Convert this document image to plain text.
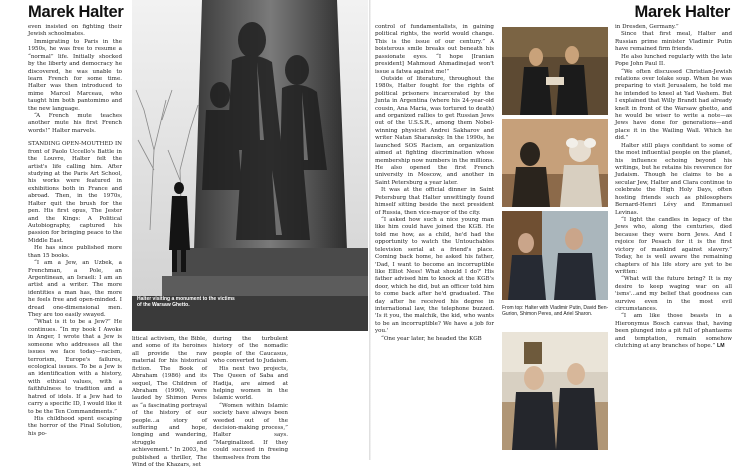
Marek Halter

even insisted on fighting their Jewish schoolmates.

Immigrating to Paris in the 1950s, he was free to resume a “normal” life. Initially shocked by the liberty and democracy he discovered, he was unable to learn French for some time. Halter was then introduced to mime Marcel Marceau, who taught him both pantomimo and the new language.

“A French mute teaches another mute his first French words!” Halter marvels.

STANDING OPEN-MOUTHED IN front of Paolo Uccello's Battle in the Louvre, Halter felt the artist's life calling him. After studying at the Paris Art School, his works were featured in exhibitions both in France and abroad. Then, in the 1970s, Halter quit the brush for the pen. His first opus, The Jester and the Kings: A Political Autobiography, captured his passion for bringing peace to the Middle East.

He has since published more than 15 books.

“I am a Jew, an Uzbek, a Frenchman, a Pole, an Argentinean, an Israeli: I am an artist and a writer. The more identities a man has, the more he feels free and open-minded. I dread one-dimensional men. They are too easily swayed.

“What is it to be a Jew?” He continues. “In my book I Awoke in Anger, I wrote that a Jew is someone who addresses all the issues we face today—racism, terrorism, Europe's failures, ecological issues. To be a Jew is an identification with a history, with ethical values, with a faithfulness to tradition and a hatred of idols. If a Jew had to carry a specific ID, I would like it to be the Ten Commandments.”

His childhood spent escaping the horror of the Final Solution, his po-

Halter visiting a monument to the victims of the Warsaw Ghetto.

litical activism, the Bible, and some of its heroines all provide the raw material for his historical fiction. The Book of Abraham (1986) and its sequel, The Children of Abraham (1990), were lauded by Shimon Peres as “a fascinating portrayal of the history of our people...a story of suffering and hope, longing and wandering, struggle and achievement.” In 2003, he published a thriller, The Wind of the Khazars, set

during the turbulent history of the nomadic people of the Caucasus, who converted to Judaism.

His next two projects, The Queen of Saba and Hadija, are aimed at helping women in the Islamic world.

“Women within Islamic society have always been weeded out of the decision-making process,” Halter says. “Marginalized. If they could succeed in freeing themselves from the

Marek Halter

control of fundamentalists, in gaining political rights, the world would change. This is the issue of our century.” A boisterous smile breaks out beneath his passionate eyes. “I hope [Iranian president] Mahmoud Ahmadinejad won't issue a fatwa against me!”

Outside of literature, throughout the 1980s, Halter fought for the rights of political prisoners incarcerated by the Junta in Argentina (where his 24-year-old cousin, Ana Maria, was tortured to death) and organized rallies to get Russian Jews out of the U.S.S.R., among them Nobel-winning physicist Andrei Sakharov and writer Natan Sharansky. In the 1990s, he launched SOS Racism, an organization aimed at fighting discrimination whose membership now numbers in the millions. He also opened the first French university in Moscow, and another in Saint Petersburg a year later.

It was at the official dinner in Saint Petersburg that Halter unwittingly found himself sitting beside the next president of Russia, then vice-mayor of the city.

“I asked how such a nice young man like him could have joined the KGB. He told me how, as a child, he'd had the opportunity to watch the Untouchables television serial at a friend's place. Coming back home, he asked his father, 'Dad, I want to become an incorruptible like Elliot Ness! What should I do?' His father advised him to knock at the KGB's door, which he did, but an officer told him to come back after he'd graduated. The day after he received his degree in international law, the telephone buzzed. 'Is it you, the malchik, the kid, who wants to be an incorruptible? We have a job for you.'

“One year later, he headed the KGB

From top: Halter with Vladimir Putin, David Ben-Gurion, Shimon Peres, and Ariel Sharon.

in Dresden, Germany.”

Since that first meal, Halter and Russian prime minister Vladimir Putin have remained firm friends.

He also lunched regularly with the late Pope John Paul II.

“We often discussed Christian-Jewish relations over lolake soup. When he was preparing to visit Jerusalem, he told me he intended to kneel at Yad Vashem. But I explained that Willy Brandt had already knelt in front of the Warsaw ghetto, and he would be wiser to write a note—as Jews have done for generations—and place it in the Wailing Wall. Which he did.”

Halter still plays confidant to some of the most influential people on the planet, his influence echoing beyond his writings, but he retains his reverence for Judaism. Though he claims to be a secular Jew, Halter and Clara continue to celebrate the High Holy Days, often hosting friends such as philosophers Bernard-Henri Lévy and Emmanuel Levinas.

“I light the candles in legacy of the Jews who, along the centuries, died because they were born Jews. And I rejoice for Pesach for it is the first victory of mankind against slavery.” Today, he is well aware the remaining chapters of his life story are yet to be written:

“What will the future bring? It is my desire to keep waging war on all 'isms'...and my belief that goodness can survive even in the most evil circumstances.

“I am like those beasts in a Hieronymus Bosch canvas that, having been plunged into a pit full of phantasms and temptation, remain somehow clutching at any branches of hope.” LM
